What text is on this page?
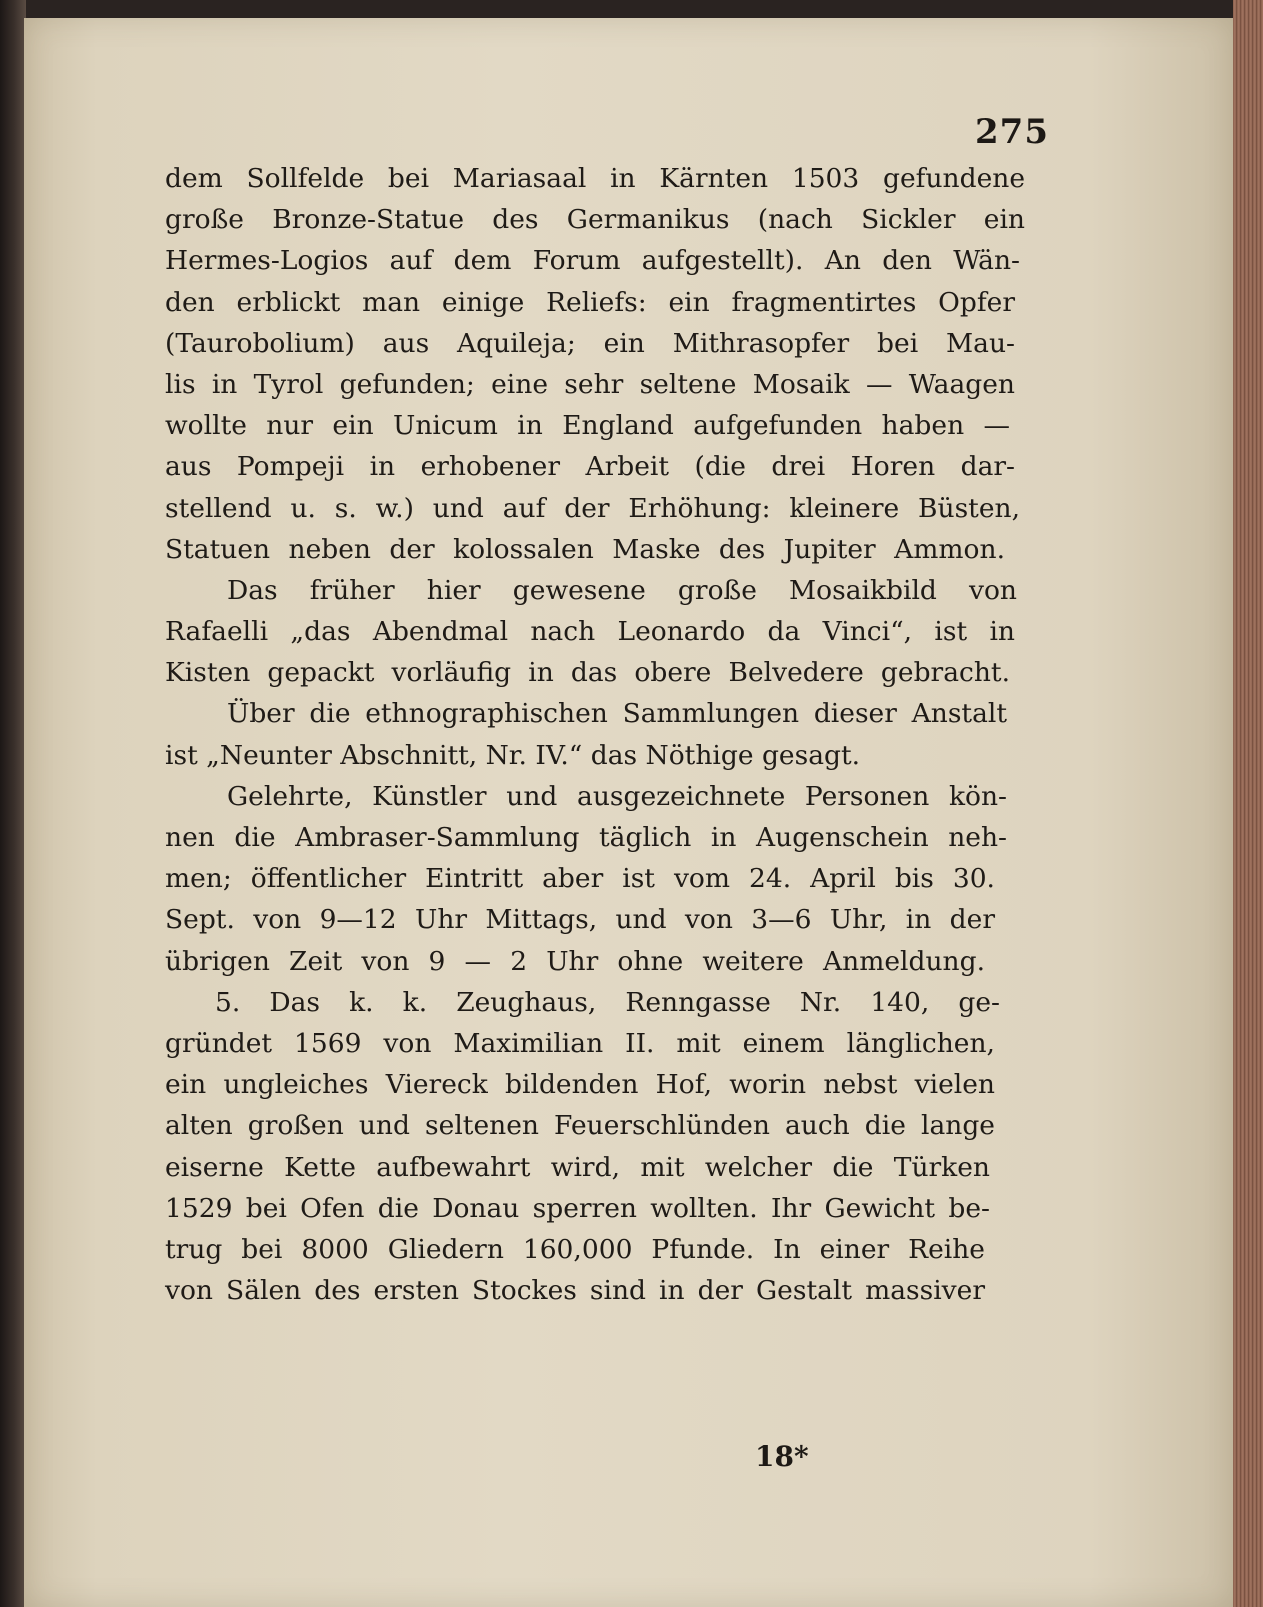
275
dem Sollfelde bei Mariasaal in Kärnten 1503 gefundene
große Bronze-Statue des Germanikus (nach Sickler ein
Hermes-Logios auf dem Forum aufgestellt). An den Wän-
den erblickt man einige Reliefs: ein fragmentirtes Opfer
(Taurobolium) aus Aquileja; ein Mithrasopfer bei Mau-
lis in Tyrol gefunden; eine sehr seltene Mosaik — Waagen
wollte nur ein Unicum in England aufgefunden haben —
aus Pompeji in erhobener Arbeit (die drei Horen dar-
stellend u. s. w.) und auf der Erhöhung: kleinere Büsten,
Statuen neben der kolossalen Maske des Jupiter Ammon.
Das früher hier gewesene große Mosaikbild von
Rafaelli „das Abendmal nach Leonardo da Vinci“, ist in
Kisten gepackt vorläufig in das obere Belvedere gebracht.
Über die ethnographischen Sammlungen dieser Anstalt
ist „Neunter Abschnitt, Nr. IV.“ das Nöthige gesagt.
Gelehrte, Künstler und ausgezeichnete Personen kön-
nen die Ambraser-Sammlung täglich in Augenschein neh-
men; öffentlicher Eintritt aber ist vom 24. April bis 30.
Sept. von 9—12 Uhr Mittags, und von 3—6 Uhr, in der
übrigen Zeit von 9 — 2 Uhr ohne weitere Anmeldung.
5. Das k. k. Zeughaus, Renngasse Nr. 140, ge-
gründet 1569 von Maximilian II. mit einem länglichen,
ein ungleiches Viereck bildenden Hof, worin nebst vielen
alten großen und seltenen Feuerschlünden auch die lange
eiserne Kette aufbewahrt wird, mit welcher die Türken
1529 bei Ofen die Donau sperren wollten. Ihr Gewicht be-
trug bei 8000 Gliedern 160,000 Pfunde. In einer Reihe
von Sälen des ersten Stockes sind in der Gestalt massiver
18*
